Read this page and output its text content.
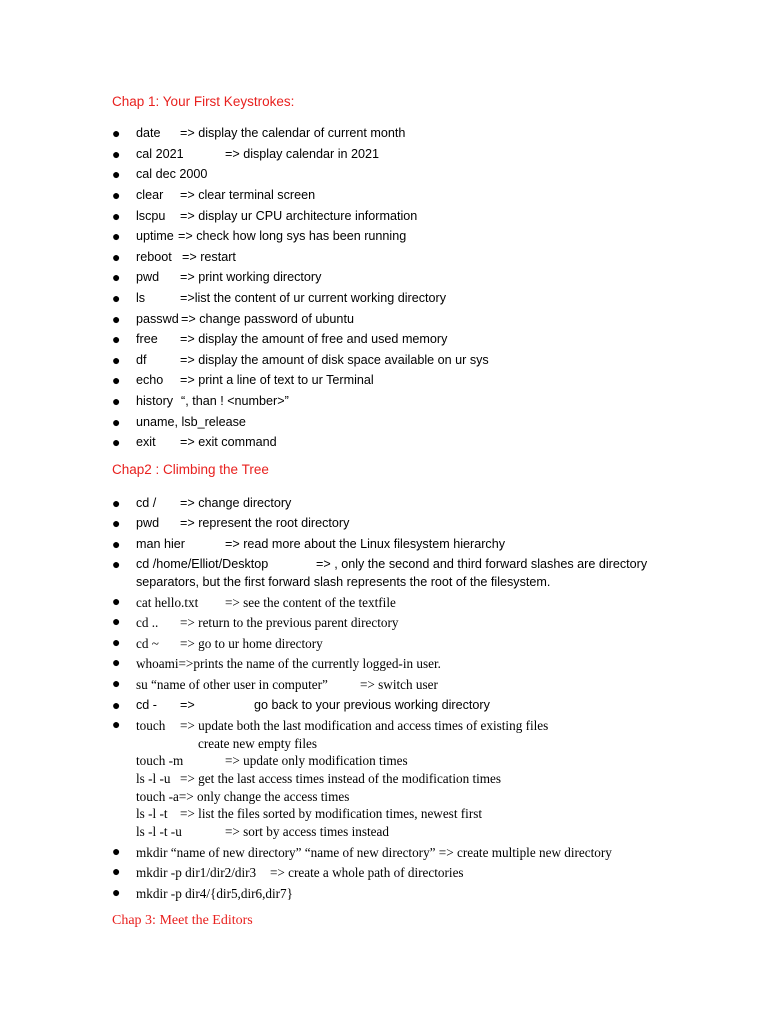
Chap 1: Your First Keystrokes:
●	date => display the calendar of current month
●	cal 2021	=> display calendar in 2021
●	cal dec 2000
●	clear => clear terminal screen
●	lscpu => display ur CPU architecture information
●	uptime => check how long sys has been running
●	reboot => restart
●	pwd => print working directory
●	ls	=>list the content of ur current working directory
●	passwd => change password of ubuntu
●	free => display the amount of free and used memory
●	df	=> display the amount of disk space available on ur sys
●	echo => print a line of text to ur Terminal
●	history “, than ! <number>”
●	uname, lsb_release
●	exit => exit command
Chap2 : Climbing the Tree
●	cd / => change directory
●	pwd => represent the root directory
●	man hier	=> read more about the Linux filesystem hierarchy
●	cd /home/Elliot/Desktop	=> , only the second and third forward slashes are directory
separators, but the first forward slash represents the root of the filesystem.
●	cat hello.txt => see the content of the textfile
●	cd .. => return to the previous parent directory
●	cd ~ => go to ur home directory
●	whoami=>prints the name of the currently logged-in user.
●	su “name of other user in computer” => switch user
●	cd - =>	go back to your previous working directory
●	touch => update both the last modification and access times of existing files
create new empty files
touch -m	=> update only modification times
ls -l -u => get the last access times instead of the modification times
touch -a=> only change the access times
ls -l -t => list the files sorted by modification times, newest first
ls -l -t -u	=> sort by access times instead
●	mkdir “name of new directory” “name of new directory” => create multiple new directory
●	mkdir -p dir1/dir2/dir3 => create a whole path of directories
●	mkdir -p dir4/{dir5,dir6,dir7}
Chap 3: Meet the Editors
